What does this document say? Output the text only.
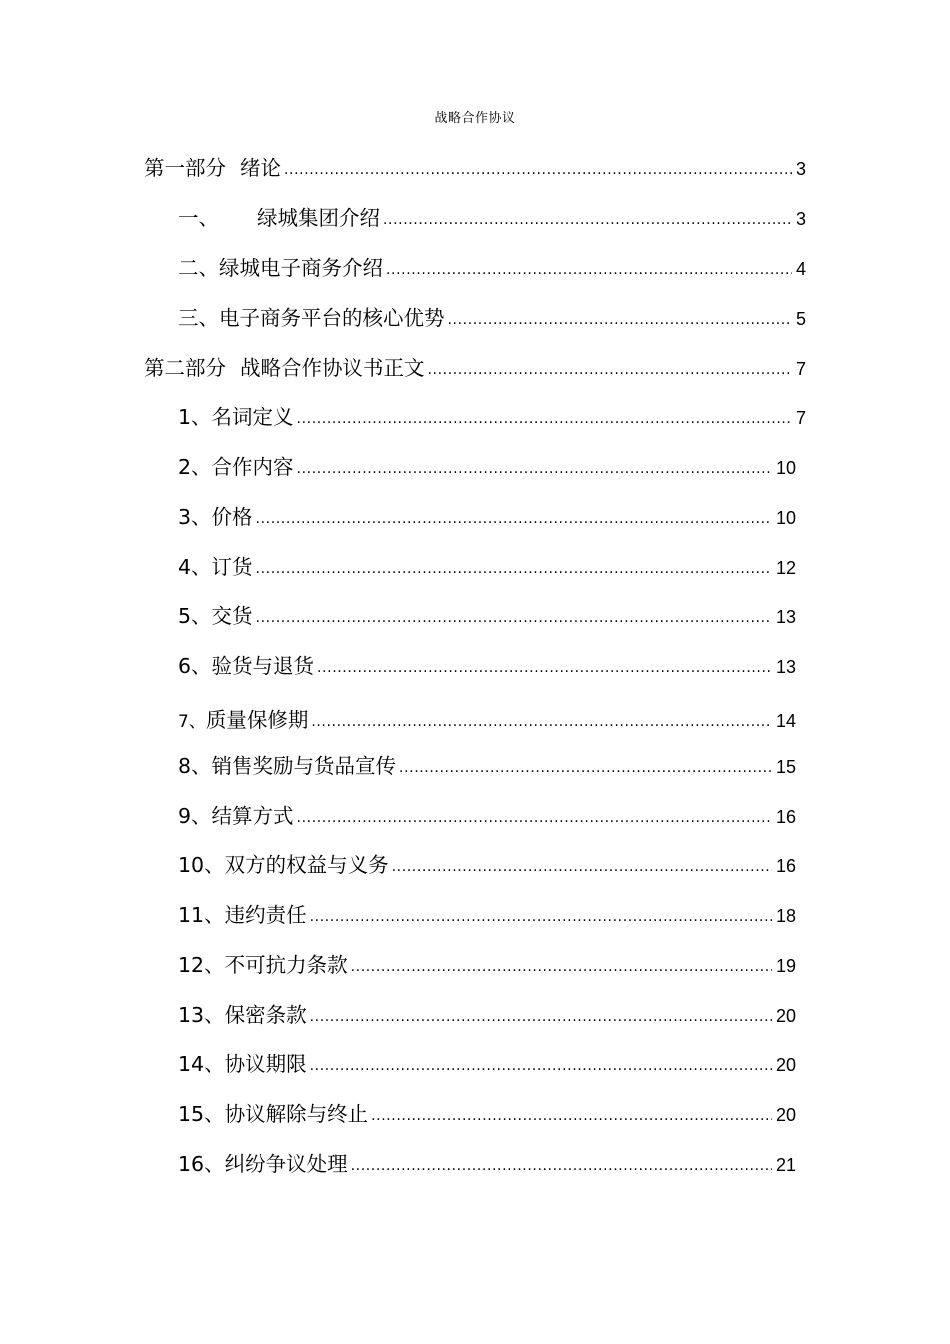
战略合作协议
第一部分 绪论 .....	3
一、 绿城集团介绍 .....	3
二、 绿城电子商务介绍 .....	4
三、 电子商务平台的核心优势 .....	5
第二部分 战略合作协议书正文 .....	7
1、 名词定义 .....	7
2、 合作内容 .....	10
3、 价格 .....	10
4、 订货 .....	12
5、 交货 .....	13
6、 验货与退货 .....	13
7、 质量保修期 .....	14
8、 销售奖励与货品宣传 .....	15
9、 结算方式 .....	16
10、 双方的权益与义务 .....	16
11、 违约责任 .....	18
12、 不可抗力条款 .....	19
13、 保密条款 .....	20
14、 协议期限 .....	20
15、 协议解除与终止 .....	20
16、 纠纷争议处理 .....	21
